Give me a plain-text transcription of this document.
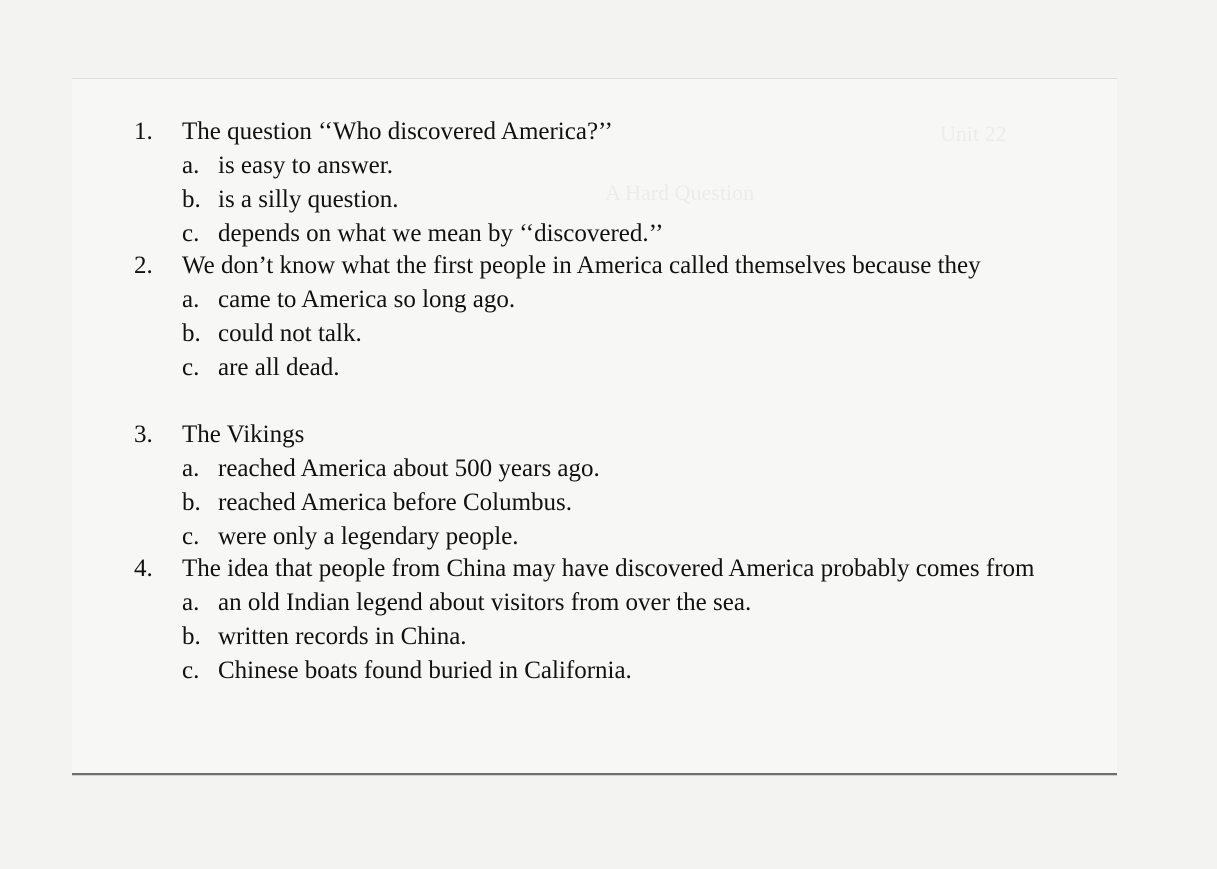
Unit 22
A Hard Question
1.	The question ‘‘Who discovered America?’’
a. is easy to answer.
b. is a silly question.
c. depends on what we mean by ‘‘discovered.’’
2.	We don’t know what the first people in America called themselves because they
a. came to America so long ago.
b. could not talk.
c. are all dead.
3.	The Vikings
a. reached America about 500 years ago.
b. reached America before Columbus.
c. were only a legendary people.
4.	The idea that people from China may have discovered America probably comes from
a. an old Indian legend about visitors from over the sea.
b. written records in China.
c. Chinese boats found buried in California.
